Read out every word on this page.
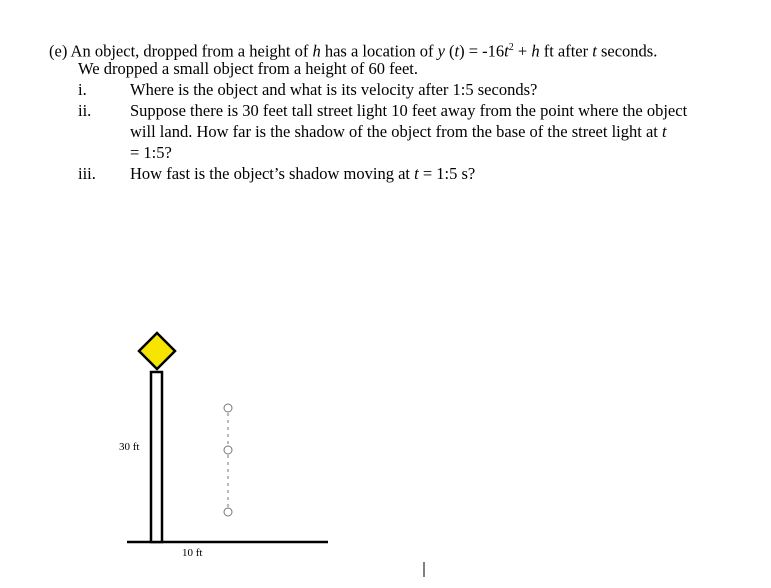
(e) An object, dropped from a height of h has a location of y $(t) = -16t^2 + h$ ft after t seconds.
We dropped a small object from a height of 60 feet.
i.	Where is the object and what is its velocity after 1:5 seconds?
ii. Suppose there is 30 feet tall street light 10 feet away from the point where the object
will land. How far is the shadow of the object from the base of the street light at t
= 1:5?
iii. How fast is the object’s shadow moving at t = 1:5 s?
30 ft
10 ft
